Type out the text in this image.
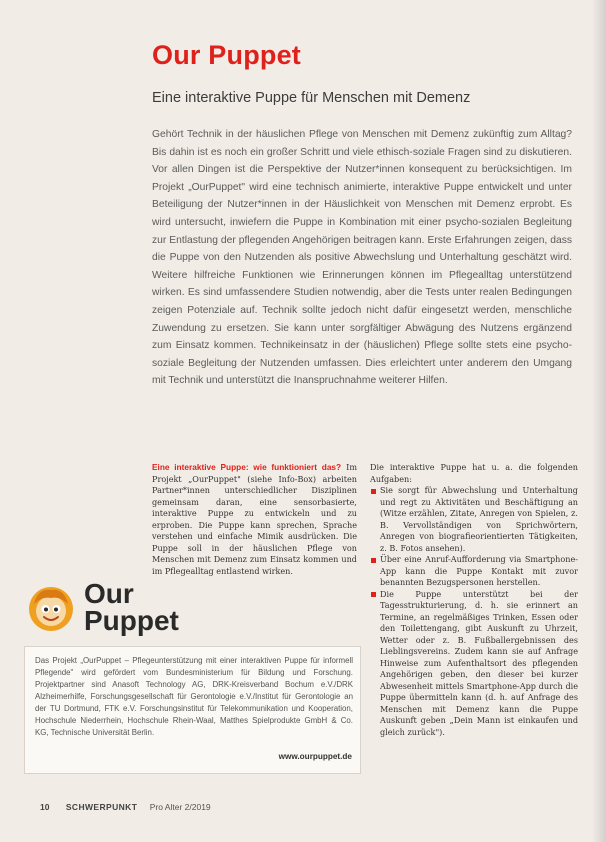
Our Puppet
Eine interaktive Puppe für Menschen mit Demenz

Gehört Technik in der häuslichen Pflege von Menschen mit Demenz zukünftig zum Alltag? Bis dahin ist es noch ein großer Schritt und viele ethisch-soziale Fragen sind zu diskutieren. Vor allen Dingen ist die Perspektive der Nutzer*innen konsequent zu berücksichtigen. Im Projekt „OurPuppet" wird eine technisch animierte, interaktive Puppe entwickelt und unter Beteiligung der Nutzer*innen in der Häuslichkeit von Menschen mit Demenz erprobt. Es wird untersucht, inwiefern die Puppe in Kombination mit einer psycho-sozialen Begleitung zur Entlastung der pflegenden Angehörigen beitragen kann. Erste Erfahrungen zeigen, dass die Puppe von den Nutzenden als positive Abwechslung und Unterhaltung geschätzt wird. Weitere hilfreiche Funktionen wie Erinnerungen können im Pflegealltag unterstützend wirken. Es sind umfassendere Studien notwendig, aber die Tests unter realen Bedingungen zeigen Potenziale auf. Technik sollte jedoch nicht dafür eingesetzt werden, menschliche Zuwendung zu ersetzen. Sie kann unter sorgfältiger Abwägung des Nutzens ergänzend zum Einsatz kommen. Technikeinsatz in der (häuslichen) Pflege sollte stets eine psycho-soziale Begleitung der Nutzenden umfassen. Dies erleichtert unter anderem den Umgang mit Technik und unterstützt die Inanspruchnahme weiterer Hilfen.

Eine interaktive Puppe: wie funktioniert das? Im Projekt „OurPuppet" (siehe Info-Box) arbeiten Partner*innen unterschiedlicher Disziplinen gemeinsam daran, eine sensorbasierte, interaktive Puppe zu entwickeln und zu erproben. Die Puppe kann sprechen, Sprache verstehen und einfache Mimik ausdrücken. Die Puppe soll in der häuslichen Pflege von Menschen mit Demenz zum Einsatz kommen und im Pflegealltag entlastend wirken.

Die interaktive Puppe hat u. a. die folgenden Aufgaben:

Sie sorgt für Abwechslung und Unterhaltung und regt zu Aktivitäten und Beschäftigung an (Witze erzählen, Zitate, Anregen von Spielen, z. B. Vervollständigen von Sprichwörtern, Anregen von biografieorientierten Tätigkeiten, z. B. Fotos ansehen).
Über eine Anruf-Aufforderung via Smartphone-App kann die Puppe Kontakt mit zuvor benannten Bezugspersonen herstellen.
Die Puppe unterstützt bei der Tagesstrukturierung, d. h. sie erinnert an Termine, an regelmäßiges Trinken, Essen oder den Toilettengang, gibt Auskunft zu Uhrzeit, Wetter oder z. B. Fußballergebnissen des Lieblingsvereins. Zudem kann sie auf Anfrage Hinweise zum Aufenthaltsort des pflegenden Angehörigen geben, den dieser bei kurzer Abwesenheit mittels Smartphone-App durch die Puppe übermitteln kann (d. h. auf Anfrage des Menschen mit Demenz kann die Puppe Auskunft geben „Dein Mann ist einkaufen und gleich zurück").
Our
Puppet

Das Projekt „OurPuppet – Pflegeunterstützung mit einer interaktiven Puppe für informell Pflegende" wird gefördert vom Bundesministerium für Bildung und Forschung. Projektpartner sind Anasoft Technology AG, DRK-Kreisverband Bochum e.V./DRK Alzheimerhilfe, Forschungsgesellschaft für Gerontologie e.V./Institut für Gerontologie an der TU Dortmund, FTK e.V. Forschungsinstitut für Telekommunikation und Kooperation, Hochschule Niederrhein, Hochschule Rhein-Waal, Matthes Spielprodukte GmbH & Co. KG, Technische Universität Berlin.

www.ourpuppet.de
10 SCHWERPUNKT Pro Alter 2/2019
